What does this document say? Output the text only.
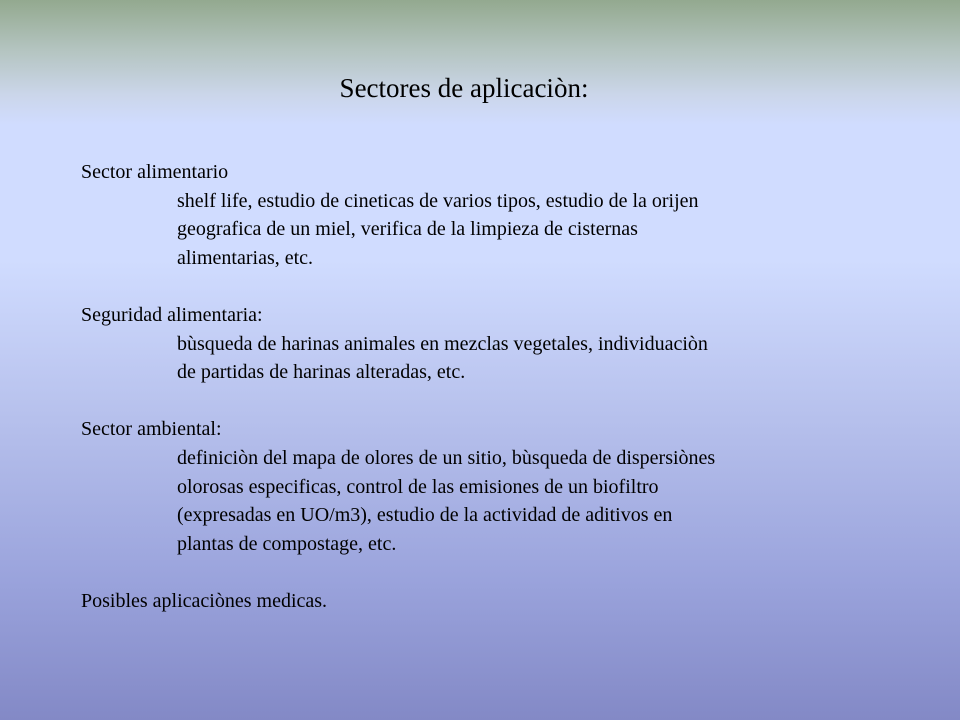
Sectores de aplicaciòn:
Sector alimentario
shelf life, estudio de cineticas de varios tipos, estudio de la orijen
geografica de un miel, verifica de la limpieza de cisternas
alimentarias, etc.
Seguridad alimentaria:
bùsqueda de harinas animales en mezclas vegetales, individuaciòn
de partidas de harinas alteradas, etc.
Sector ambiental:
definiciòn del mapa de olores de un sitio, bùsqueda de dispersiònes
olorosas especificas, control de las emisiones de un biofiltro
(expresadas en UO/m3), estudio de la actividad de aditivos en
plantas de compostage, etc.
Posibles aplicaciònes medicas.
